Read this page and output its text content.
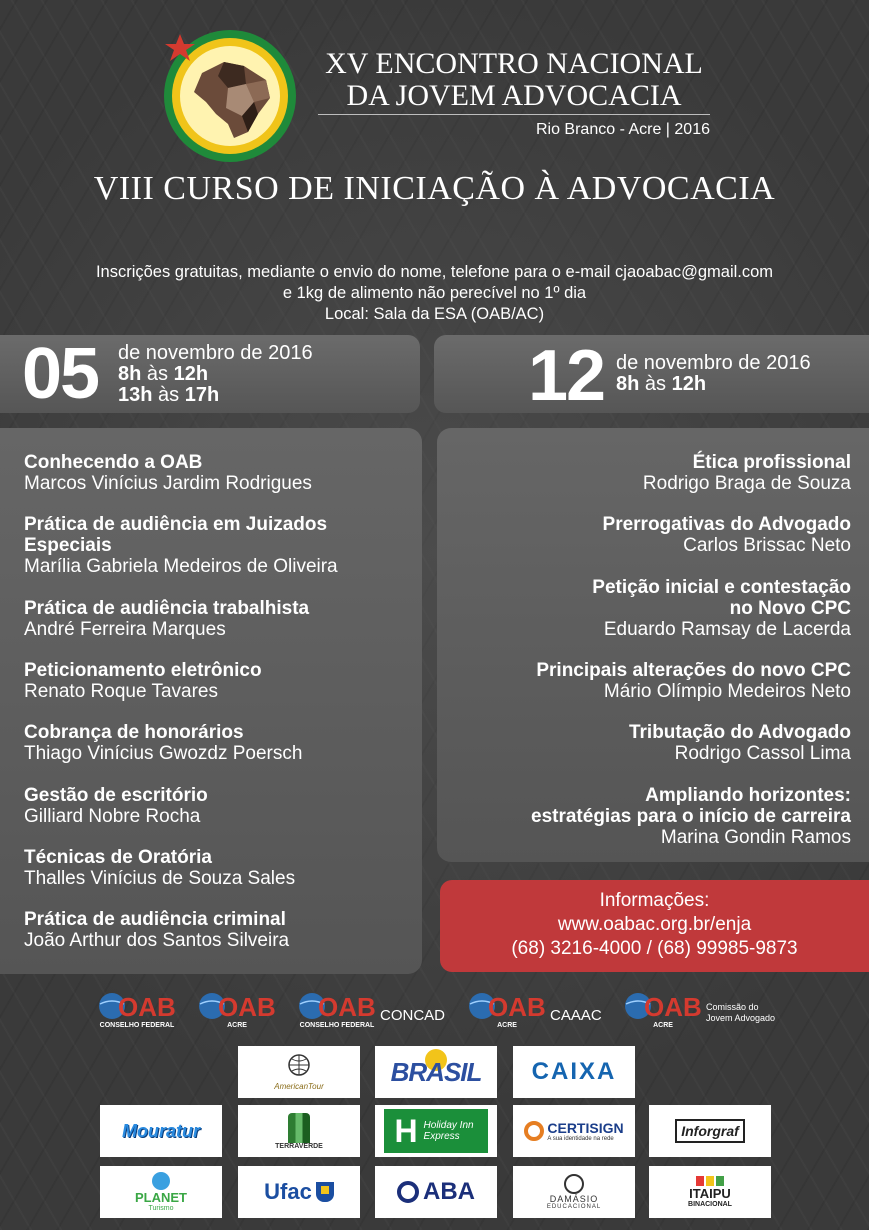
XV ENCONTRO NACIONAL
DA JOVEM ADVOCACIA
Rio Branco - Acre | 2016
VIII CURSO DE INICIAÇÃO À ADVOCACIA
Inscrições gratuitas, mediante o envio do nome, telefone para o e-mail cjaoabac@gmail.com
e 1kg de alimento não perecível no 1º dia
Local: Sala da ESA (OAB/AC)
05 de novembro de 2016
8h às 12h
13h às 17h	12 de novembro de 2016
8h às 12h
Conhecendo a OAB
Marcos Vinícius Jardim Rodrigues
Prática de audiência em Juizados Especiais
Marília Gabriela Medeiros de Oliveira
Prática de audiência trabalhista
André Ferreira Marques
Peticionamento eletrônico
Renato Roque Tavares
Cobrança de honorários
Thiago Vinícius Gwozdz Poersch
Gestão de escritório
Gilliard Nobre Rocha
Técnicas de Oratória
Thalles Vinícius de Souza Sales
Prática de audiência criminal
João Arthur dos Santos Silveira
Ética profissional
Rodrigo Braga de Souza
Prerrogativas do Advogado
Carlos Brissac Neto
Petição inicial e contestação
no Novo CPC
Eduardo Ramsay de Lacerda
Principais alterações do novo CPC
Mário Olímpio Medeiros Neto
Tributação do Advogado
Rodrigo Cassol Lima
Ampliando horizontes:
estratégias para o início de carreira
Marina Gondin Ramos
Informações:
www.oabac.org.br/enja
(68) 3216-4000 / (68) 99985-9873
OAB
CONSELHO FEDERAL
OAB
ACRE
OAB
CONSELHO FEDERAL
CONCAD OAB
ACRE
CAAAC OAB
ACRE
Comissão do
Jovem Advogado
AmericanTour	BRASIL CAIXA
Mouratur
TERRAVERDE H Holiday Inn Express
CERTISIGN
A sua identidade na rede	Inforgraf
PLANET
Turismo
Ufac	ABA	DAMÁSIO
EDUCACIONAL
ITAIPU
BINACIONAL
